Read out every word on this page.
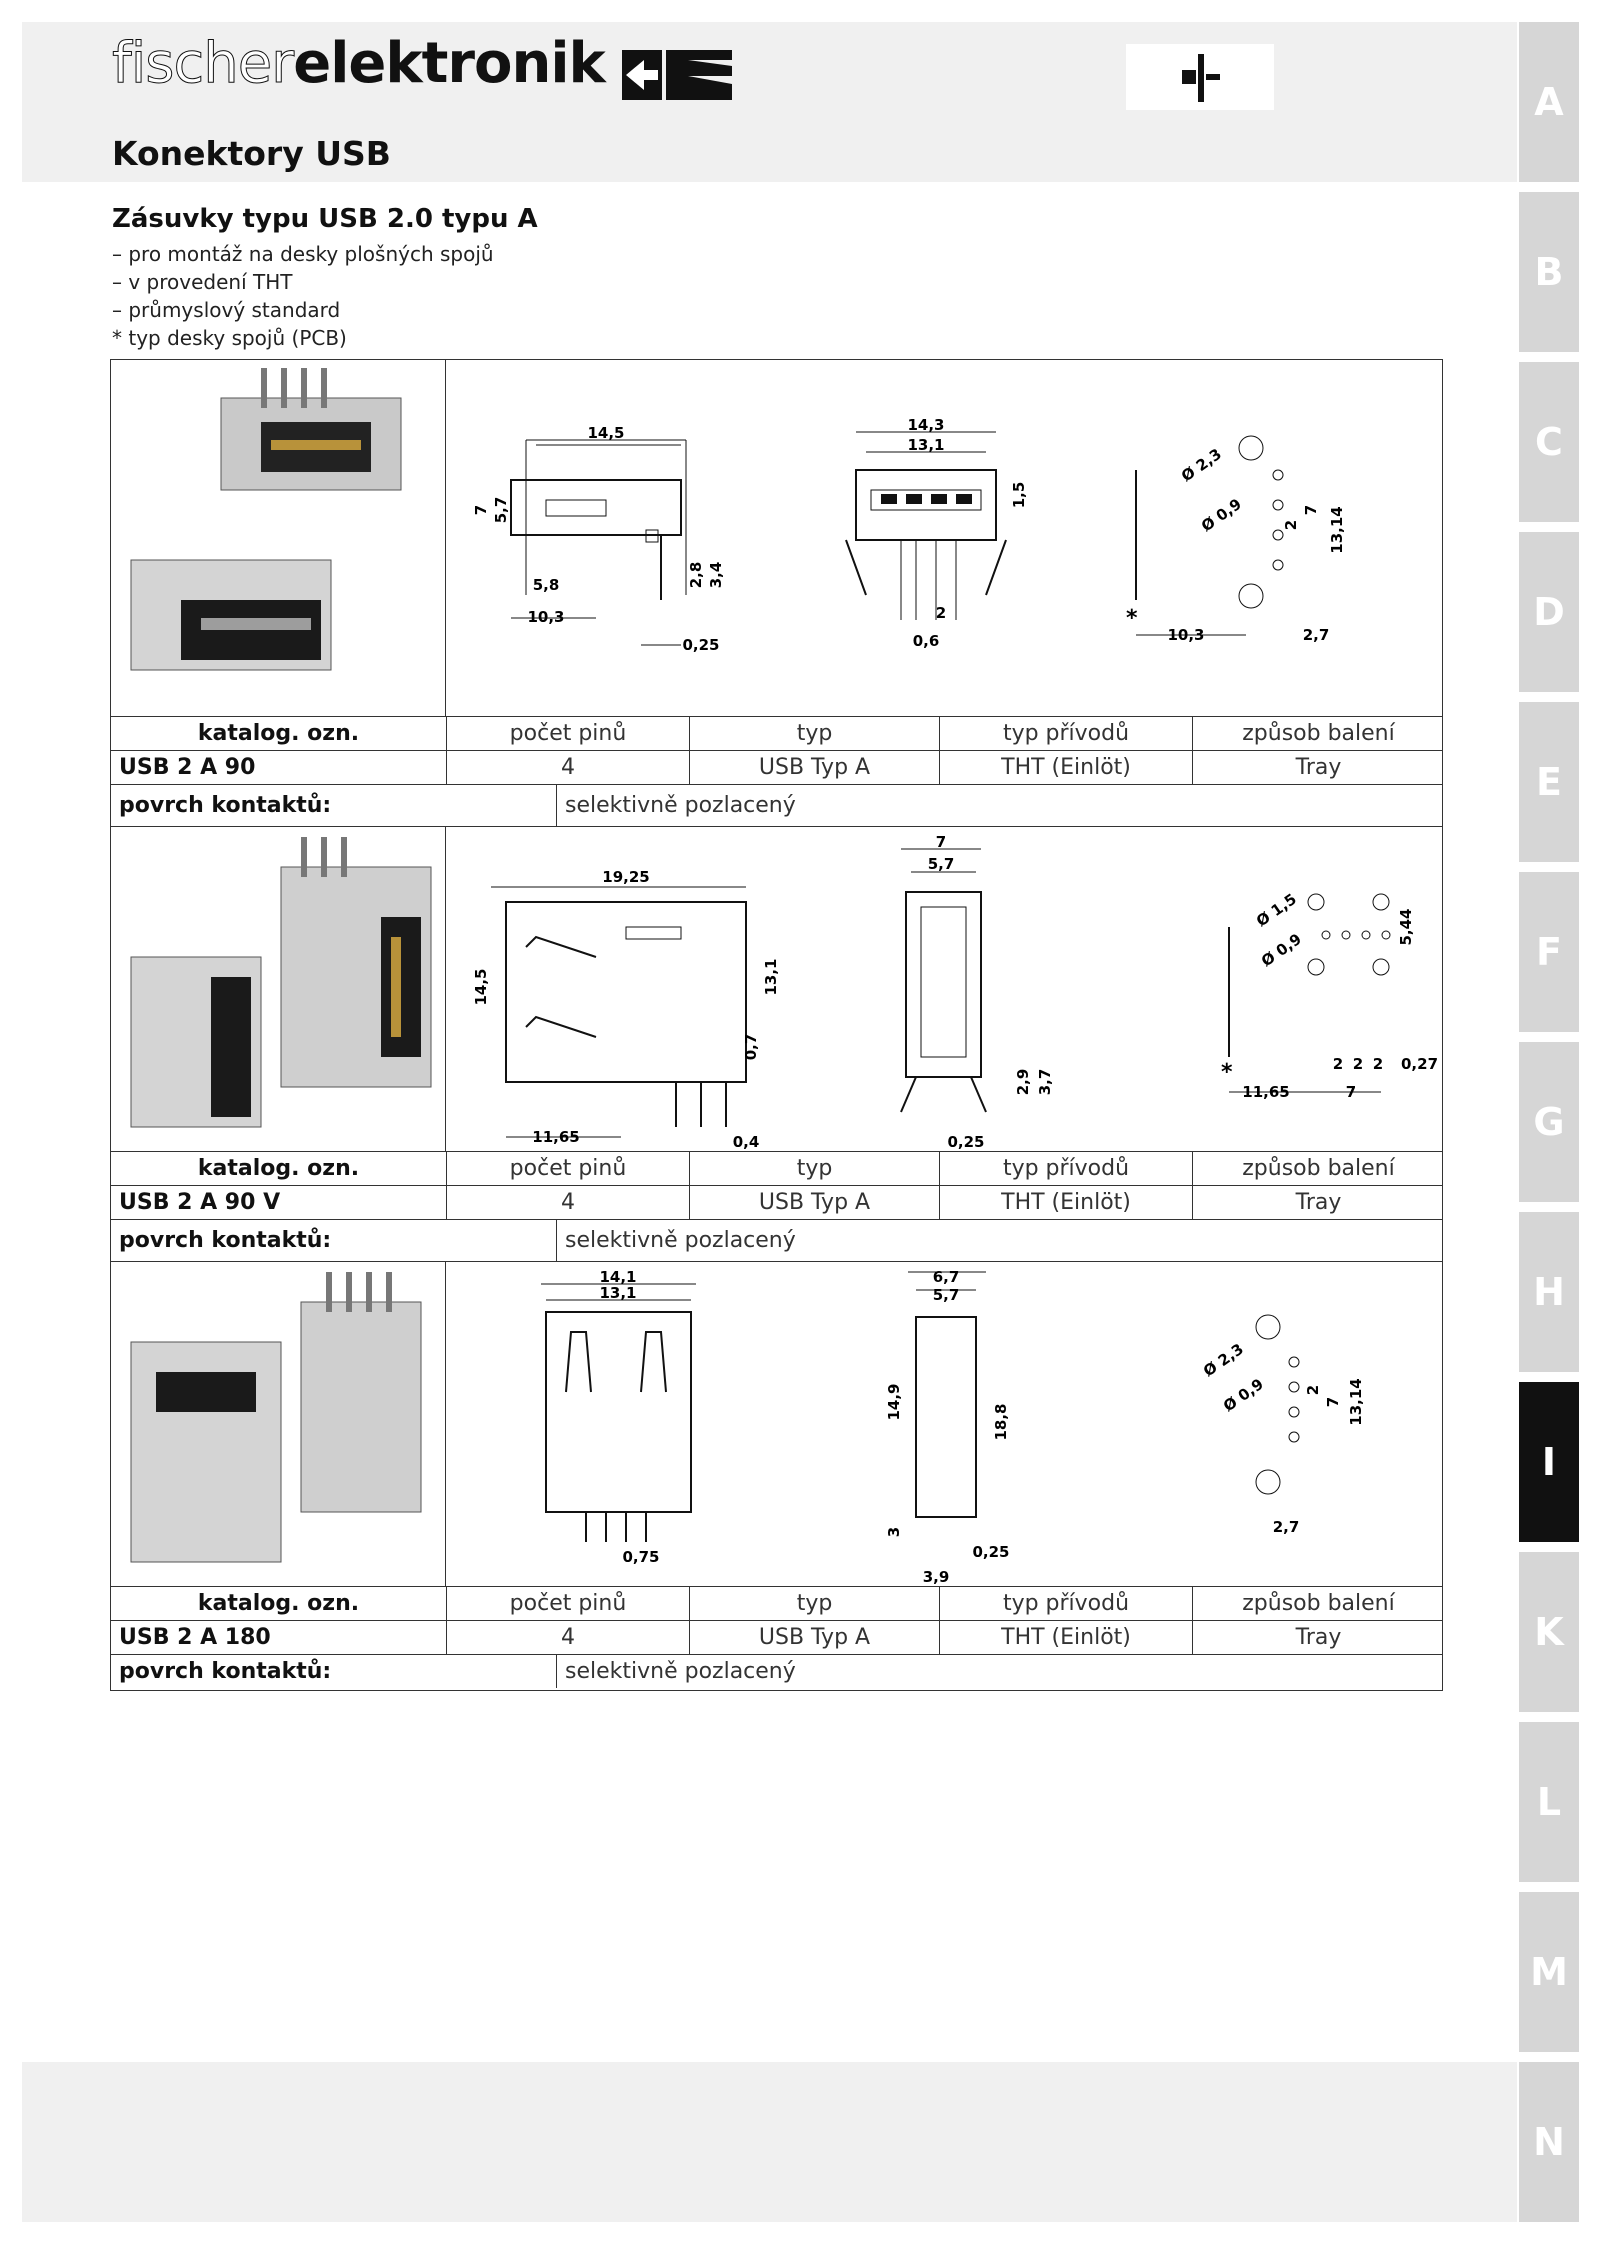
fischerelektronik
Konektory USB
Zásuvky typu USB 2.0 typu A
– pro montáž na desky plošných spojů
– v provedení THT
– průmyslový standard
* typ desky spojů (PCB)
A
B
C
D
E
F
G
H
I
K
L
M
N
14,5
7 5,7
5,8
10,3
2,8 3,4
0,25
14,3
13,1
1,5
2
0,6
*
Ø 2,3
Ø 0,9	7
2 13,14
10,3	2,7
katalog. ozn.	počet pinů	typ	typ přívodů	způsob balení
USB 2 A 90	4	USB Typ A	THT (Einlöt)	Tray
povrch kontaktů:	selektivně pozlacený
19,25
14,5	13,1
0,7
11,65	0,4
7
5,7
2,9 3,7
0,25
*
Ø 1,5
Ø 0,9
5,44
2 2 2 0,27
11,65	7
katalog. ozn.	počet pinů	typ	typ přívodů	způsob balení
USB 2 A 90 V	4	USB Typ A	THT (Einlöt)	Tray
povrch kontaktů:	selektivně pozlacený
14,1
13,1
0,75
6,7
5,7
14,9
18,8
3
0,25
3,9
Ø 2,3
Ø 0,9 2
7 13,14
2,7
katalog. ozn.	počet pinů	typ	typ přívodů	způsob balení
USB 2 A 180	4	USB Typ A	THT (Einlöt)	Tray
povrch kontaktů:	selektivně pozlacený
